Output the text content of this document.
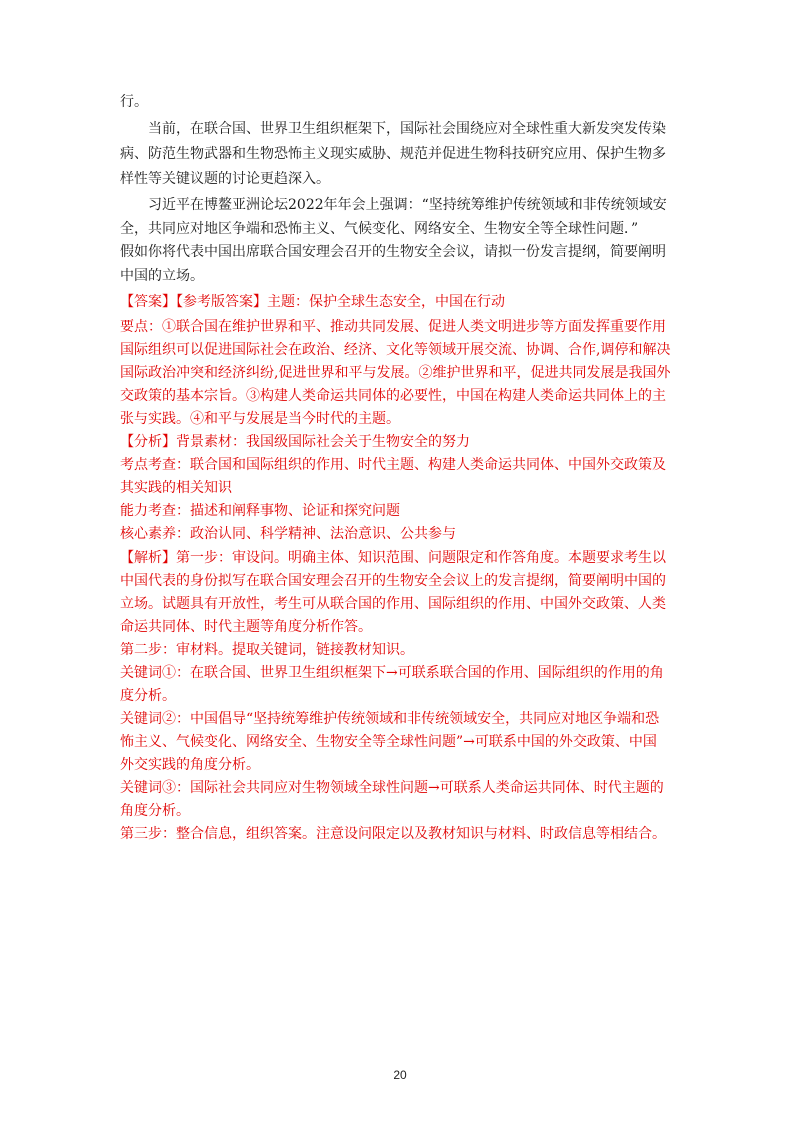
行。
当前，在联合国、世界卫生组织框架下，国际社会围绕应对全球性重大新发突发传染
病、防范生物武器和生物恐怖主义现实威胁、规范并促进生物科技研究应用、保护生物多
样性等关键议题的讨论更趋深入。
习近平在博鳌亚洲论坛2022年年会上强调：“坚持统筹维护传统领域和非传统领域安
全，共同应对地区争端和恐怖主义、气候变化、网络安全、生物安全等全球性问题．”
假如你将代表中国出席联合国安理会召开的生物安全会议，请拟一份发言提纲，简要阐明
中国的立场。
【答案】【参考版答案】主题：保护全球生态安全，中国在行动
要点：①联合国在维护世界和平、推动共同发展、促进人类文明进步等方面发挥重要作用
国际组织可以促进国际社会在政治、经济、文化等领域开展交流、协调、合作,调停和解决
国际政治冲突和经济纠纷,促进世界和平与发展。②维护世界和平，促进共同发展是我国外
交政策的基本宗旨。③构建人类命运共同体的必要性，中国在构建人类命运共同体上的主
张与实践。④和平与发展是当今时代的主题。
【分析】背景素材：我国级国际社会关于生物安全的努力
考点考查：联合国和国际组织的作用、时代主题、构建人类命运共同体、中国外交政策及
其实践的相关知识
能力考查：描述和阐释事物、论证和探究问题
核心素养：政治认同、科学精神、法治意识、公共参与
【解析】第一步：审设问。明确主体、知识范围、问题限定和作答角度。本题要求考生以
中国代表的身份拟写在联合国安理会召开的生物安全会议上的发言提纲，简要阐明中国的
立场。试题具有开放性，考生可从联合国的作用、国际组织的作用、中国外交政策、人类
命运共同体、时代主题等角度分析作答。
第二步：审材料。提取关键词，链接教材知识。
关键词①：在联合国、世界卫生组织框架下→可联系联合国的作用、国际组织的作用的角
度分析。
关键词②：中国倡导“坚持统筹维护传统领域和非传统领域安全，共同应对地区争端和恐
怖主义、气候变化、网络安全、生物安全等全球性问题”→可联系中国的外交政策、中国
外交实践的角度分析。
关键词③：国际社会共同应对生物领域全球性问题→可联系人类命运共同体、时代主题的
角度分析。
第三步：整合信息，组织答案。注意设问限定以及教材知识与材料、时政信息等相结合。
20
